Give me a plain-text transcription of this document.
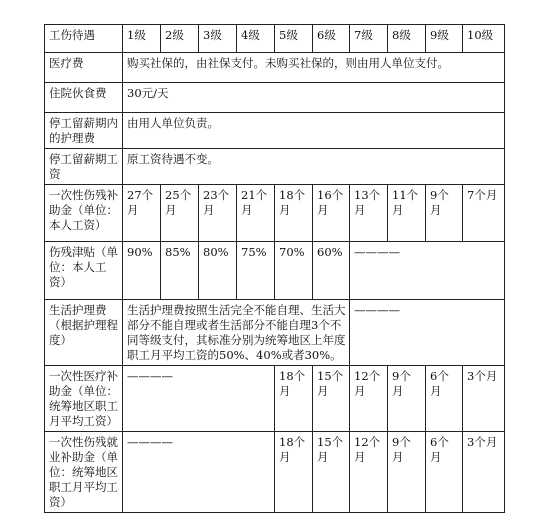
工伤待遇	1级	2级	3级	4级	5级	6级	7级	8级	9级	10级
医疗费	购买社保的，由社保支付。未购买社保的，则由用人单位支付。									
住院伙食费	30元/天									
停工留薪期内的护理费	由用人单位负责。									
停工留薪期工资	原工资待遇不变。									
一次性伤残补助金（单位：本人工资）	27个月	25个月	23个月	21个月	18个月	16个月	13个月	11个月	9个月	7个月
伤残津贴（单位：本人工资）	90%	85%	80%	75%	70%	60%	————			
生活护理费（根据护理程度）	生活护理费按照生活完全不能自理、生活大部分不能自理或者生活部分不能自理3个不同等级支付，其标准分别为统筹地区上年度职工月平均工资的50%、40%或者30%。						————			
一次性医疗补助金（单位：统筹地区职工月平均工资）	————				18个月	15个月	12个月	9个月	6个月	3个月
一次性伤残就业补助金（单位：统筹地区职工月平均工资）	————				18个月	15个月	12个月	9个月	6个月	3个月
